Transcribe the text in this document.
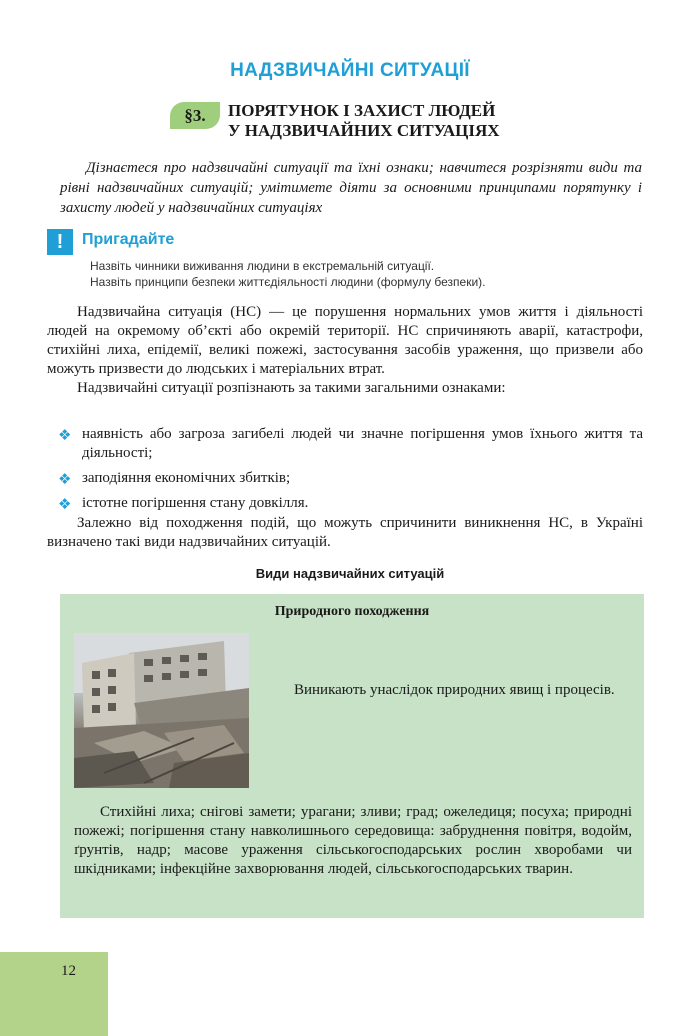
НАДЗВИЧАЙНІ СИТУАЦІЇ
§3.	ПОРЯТУНОК І ЗАХИСТ ЛЮДЕЙ
У НАДЗВИЧАЙНИХ СИТУАЦІЯХ
Дізнаєтеся про надзвичайні ситуації та їхні ознаки; навчитеся розрізняти види та рівні надзвичайних ситуацій; умітимете діяти за основними принципами порятунку і захисту людей у надзвичайних ситуаціях
!	Пригадайте
Назвіть чинники виживання людини в екстремальній ситуації.
Назвіть принципи безпеки життєдіяльності людини (формулу безпеки).

Надзвичайна ситуація (НС) — це порушення нормальних умов життя і діяльності людей на окремому об’єкті або окремій території. НС спричиняють аварії, катастрофи, стихійні лиха, епідемії, великі пожежі, застосування засобів ураження, що призвели або можуть призвести до людських і матеріальних втрат.

Надзвичайні ситуації розпізнають за такими загальними ознаками:

❖ наявність або загроза загибелі людей чи значне погіршення умов їхнього життя та діяльності;
❖ заподіяння економічних збитків;
❖ істотне погіршення стану довкілля.

Залежно від походження подій, що можуть спричинити виникнення НС, в Україні визначено такі види надзвичайних ситуацій.

Види надзвичайних ситуацій
Природного походження
Виникають унаслідок природних явищ і процесів.
Стихійні лиха; снігові замети; урагани; зливи; град; ожеледиця; посуха; природні пожежі; погіршення стану навколишнього середовища: забруднення повітря, водойм, ґрунтів, надр; масове ураження сільськогосподарських рослин хворобами чи шкідниками; інфекційне захворювання людей, сільськогосподарських тварин.
12
